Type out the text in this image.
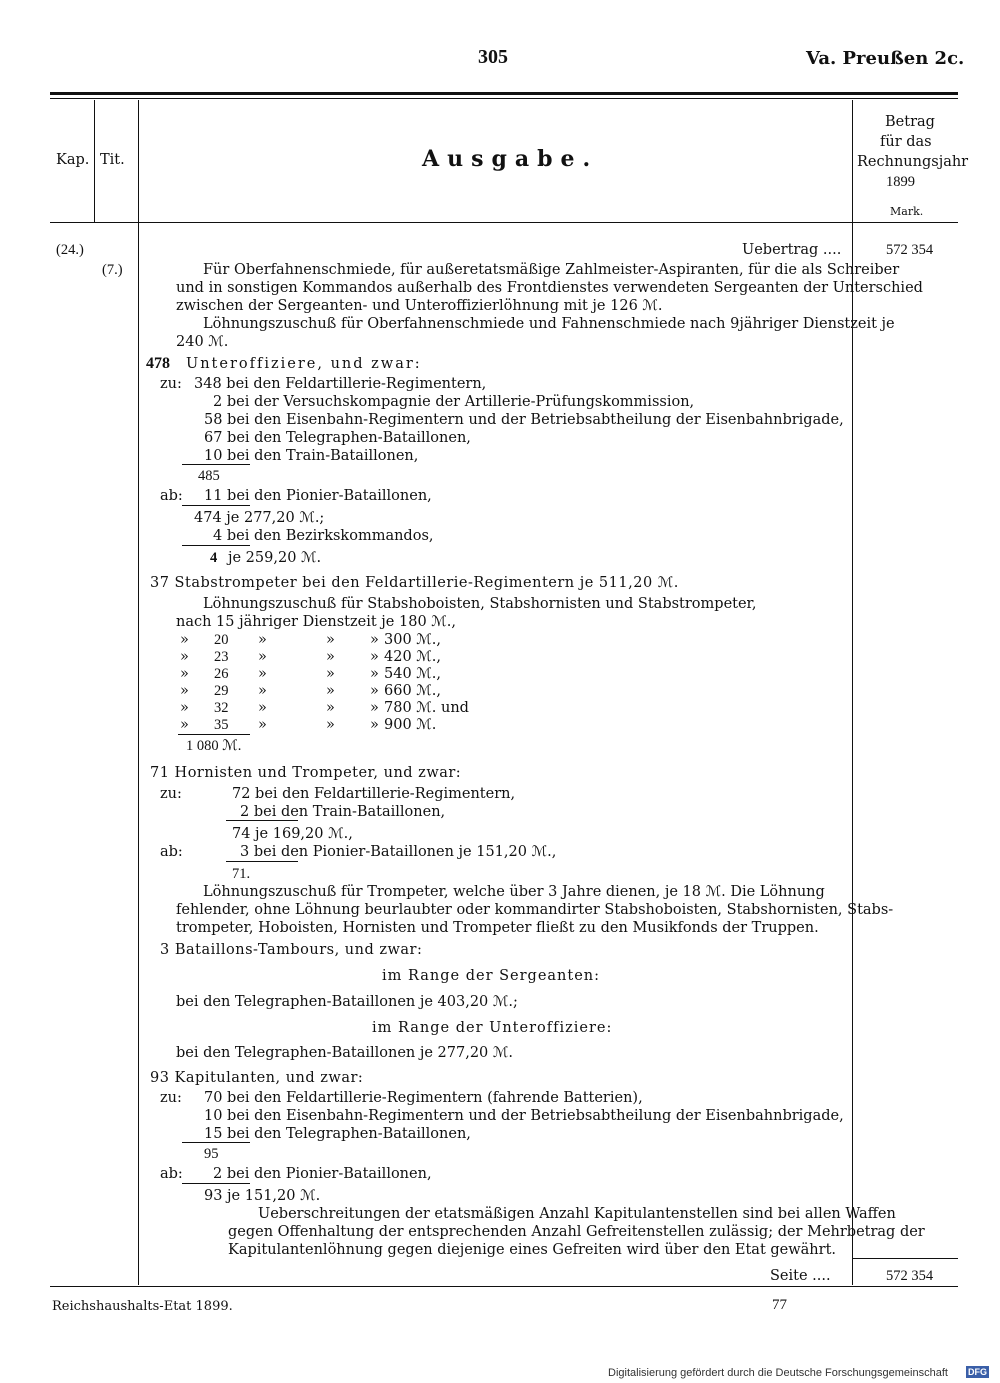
305	Va. Preußen 2c.
Kap. Tit.	Ausgabe.
Betrag
für das
Rechnungsjahr
1899
Mark.
(24.)
(7.)
Uebertrag ....	572 354
Für Oberfahnenschmiede, für außeretatsmäßige Zahlmeister-Aspiranten, für die als Schreiber
und in sonstigen Kommandos außerhalb des Frontdienstes verwendeten Sergeanten der Unterschied
zwischen der Sergeanten- und Unteroffizierlöhnung mit je 126 ℳ.
Löhnungszuschuß für Oberfahnenschmiede und Fahnenschmiede nach 9jähriger Dienstzeit je
240 ℳ.
478 Unteroffiziere, und zwar:
zu: 348 bei den Feldartillerie-Regimentern,
2 bei der Versuchskompagnie der Artillerie-Prüfungskommission,
58 bei den Eisenbahn-Regimentern und der Betriebsabtheilung der Eisenbahnbrigade,
67 bei den Telegraphen-Bataillonen,
10 bei den Train-Bataillonen,
485
ab: 11 bei den Pionier-Bataillonen,
474 je 277,20 ℳ.;
4 bei den Bezirkskommandos,
4 je 259,20 ℳ.
37 Stabstrompeter bei den Feldartillerie-Regimentern je 511,20 ℳ.
Löhnungszuschuß für Stabshoboisten, Stabshornisten und Stabstrompeter,
nach 15 jähriger Dienstzeit je 180 ℳ.,
» 20 »	» » 300 ℳ.,
» 23 »	» » 420 ℳ.,
» 26 »	» » 540 ℳ.,
» 29 »	» » 660 ℳ.,
» 32 »	» » 780 ℳ. und
» 35 »	» » 900 ℳ.
1 080 ℳ.
71 Hornisten und Trompeter, und zwar:
zu:	72 bei den Feldartillerie-Regimentern,
2 bei den Train-Bataillonen,
74 je 169,20 ℳ.,
ab:	3 bei den Pionier-Bataillonen je 151,20 ℳ.,
71.
Löhnungszuschuß für Trompeter, welche über 3 Jahre dienen, je 18 ℳ. Die Löhnung
fehlender, ohne Löhnung beurlaubter oder kommandirter Stabshoboisten, Stabshornisten, Stabs-
trompeter, Hoboisten, Hornisten und Trompeter fließt zu den Musikfonds der Truppen.
3 Bataillons-Tambours, und zwar:
im Range der Sergeanten:
bei den Telegraphen-Bataillonen je 403,20 ℳ.;
im Range der Unteroffiziere:
bei den Telegraphen-Bataillonen je 277,20 ℳ.
93 Kapitulanten, und zwar:
zu: 70 bei den Feldartillerie-Regimentern (fahrende Batterien),
10 bei den Eisenbahn-Regimentern und der Betriebsabtheilung der Eisenbahnbrigade,
15 bei den Telegraphen-Bataillonen,
95
ab: 2 bei den Pionier-Bataillonen,
93 je 151,20 ℳ.
Ueberschreitungen der etatsmäßigen Anzahl Kapitulantenstellen sind bei allen Waffen
gegen Offenhaltung der entsprechenden Anzahl Gefreitenstellen zulässig; der Mehrbetrag der
Kapitulantenlöhnung gegen diejenige eines Gefreiten wird über den Etat gewährt.
Seite ....	572 354
Reichshaushalts-Etat 1899.	77
Digitalisierung gefördert durch die Deutsche Forschungsgemeinschaft DFG
